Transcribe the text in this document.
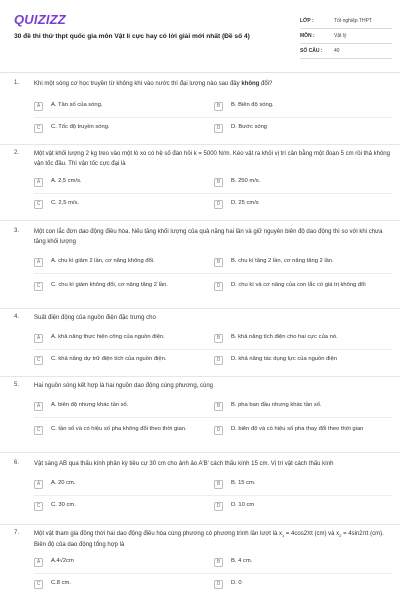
QUIZIZZ
30 đề thi thử thpt quốc gia môn Vật lí cực hay có lời giải mới nhất (Đề số 4)
LỚP :	Tốt nghiệp THPT
MÔN :	Vật lý
SỐ CÂU :	40
1. Khi một sóng cơ học truyền từ không khí vào nước thì đại lượng nào sau đây không đổi?
A	A. Tần số của sóng.	B	B. Biên độ sóng.
C	C. Tốc độ truyền sóng.	D	D. Bước sóng
2. Một vật khối lượng 2 kg treo vào một lò xo có hệ số đàn hồi k = 5000 N/m. Kéo vật ra khỏi vị trí cân bằng một đoạn 5 cm rồi thả không vận tốc đầu. Thì vận tốc cực đại là
A	A. 2,5 cm/s.	B	B. 250 m/s.
C	C. 2,5 m/s.	D	D. 25 cm/s
3. Một con lắc đơn dao động điều hòa. Nếu tăng khối lượng của quả nặng hai lần và giữ nguyên biên độ dao động thì so với khi chưa tăng khối lượng
A	A. chu kì giảm 2 lần, cơ năng không đổi.	B	B. chu kì tăng 2 lần, cơ năng tăng 2 lần.
C	C. chu kì giảm không đổi, cơ năng tăng 2 lần.	D	D. chu kì và cơ năng của con lắc có giá trị không đổi
4. Suất điện động của nguồn điện đặc trưng cho
A	A. khả năng thực hiện công của nguồn điện.	B	B. khả năng tích điện cho hai cực của nó.
C	C. khả năng dự trữ điện tích của nguồn điện.	D	D. khả năng tác dụng lực của nguồn điện
5. Hai nguồn sóng kết hợp là hai nguồn dao động cùng phương, cùng
A	A. biên độ nhưng khác tần số.	B	B. pha ban đầu nhưng khác tần số.
C	C. tần số và có hiệu số pha không đổi theo thời gian.	D	D. biên độ và có hiệu số pha thay đổi theo thời gian
6. Vật sáng AB qua thấu kính phân kỳ tiêu cự 30 cm cho ảnh ảo A'B' cách thấu kính 15 cm. Vị trí vật cách thấu kính
A	A. 20 cm.	B	B. 15 cm.
C	C. 30 cm.	D	D. 10 cm
7. Một vật tham gia đồng thời hai dao động điều hòa cùng phương có phương trình lần lượt là $x_1 = 4\cos 2\pi t$ (cm) và $x_2 = 4\sin 2\pi t$ (cm). Biên độ của dao động tổng hợp là
A	A.4√2cm	B	B. 4 cm.
C	C.8 cm.	D	D. 0
